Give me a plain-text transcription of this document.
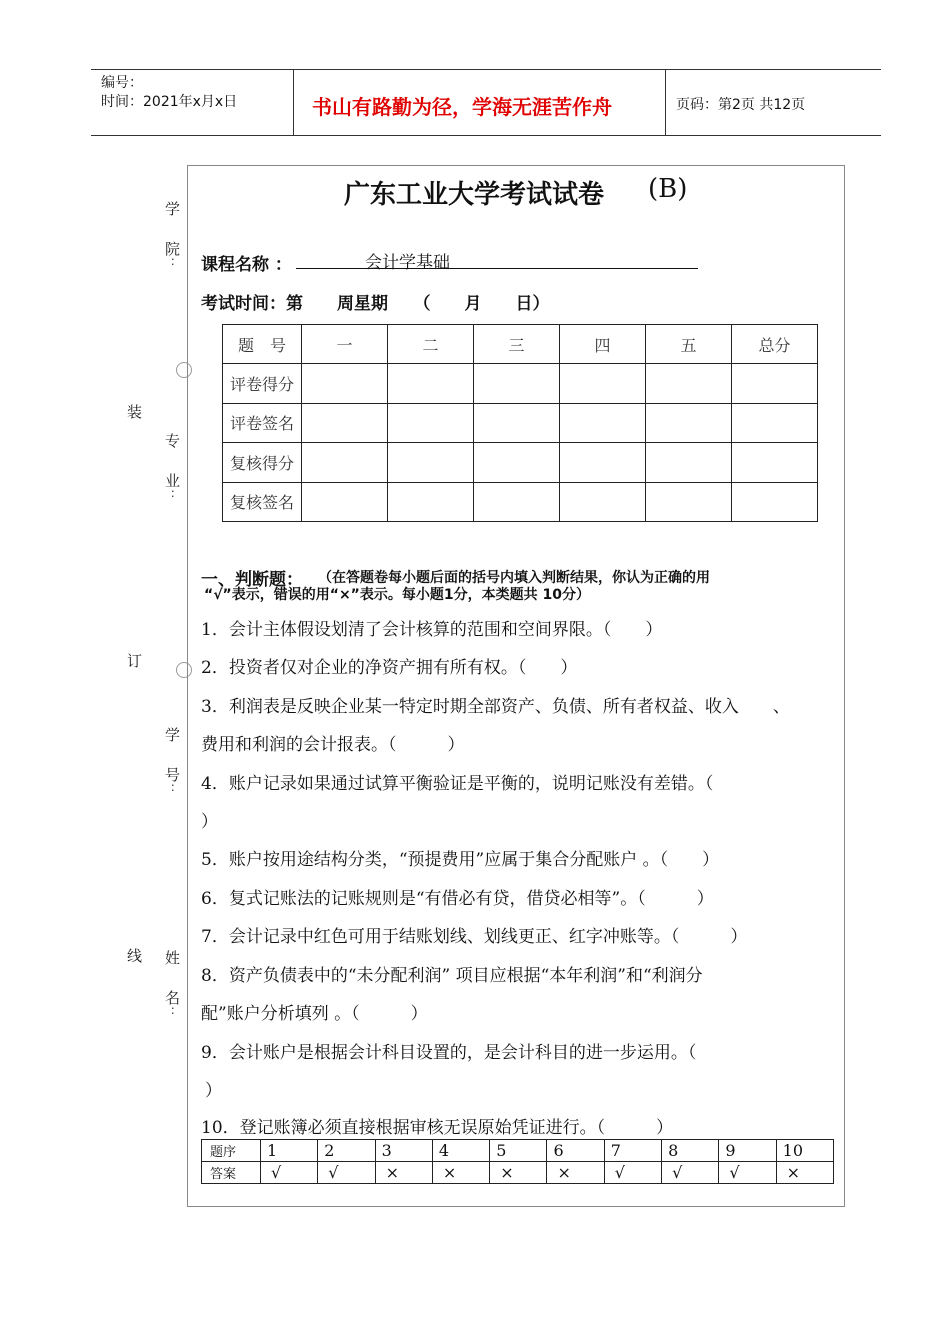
编号：
时间：2021年x月x日	书山有路勤为径，学海无涯苦作舟	页码：第2页 共12页
学
院
：
装
专
业
：
订
学
号
：
线 姓
名
：
广东工业大学考试试卷 (B)
课程名称 ：	会计学基础
考试时间：第　　周星期　　（　　月　　日）
题　号	一	二	三	四	五	总分
评卷得分						
评卷签名						
复核得分						
复核签名						
一、判断题： （在答题卷每小题后面的括号内填入判断结果，你认为正确的用
“√”表示，错误的用“×”表示。每小题1分，本类题共 10分）
1．会计主体假设划清了会计核算的范围和空间界限。（　　）
2．投资者仅对企业的净资产拥有所有权。（　　）
3．利润表是反映企业某一特定时期全部资产、负债、所有者权益、收入　　、
费用和利润的会计报表。（　　　）
4．账户记录如果通过试算平衡验证是平衡的，说明记账没有差错。（
）
5．账户按用途结构分类，“预提费用”应属于集合分配账户 。（　　）
6．复式记账法的记账规则是“有借必有贷，借贷必相等”。（　　　）
7．会计记录中红色可用于结账划线、划线更正、红字冲账等。（　　　）
8．资产负债表中的“未分配利润” 项目应根据“本年利润”和“利润分
配”账户分析填列 。（　　　）
9．会计账户是根据会计科目设置的，是会计科目的进一步运用。（
）
10．登记账簿必须直接根据审核无误原始凭证进行。（　　　）
题序	1	2	3	4	5	6	7	8	9	10
答案	√	√	×	×	×	×	√	√	√	×
